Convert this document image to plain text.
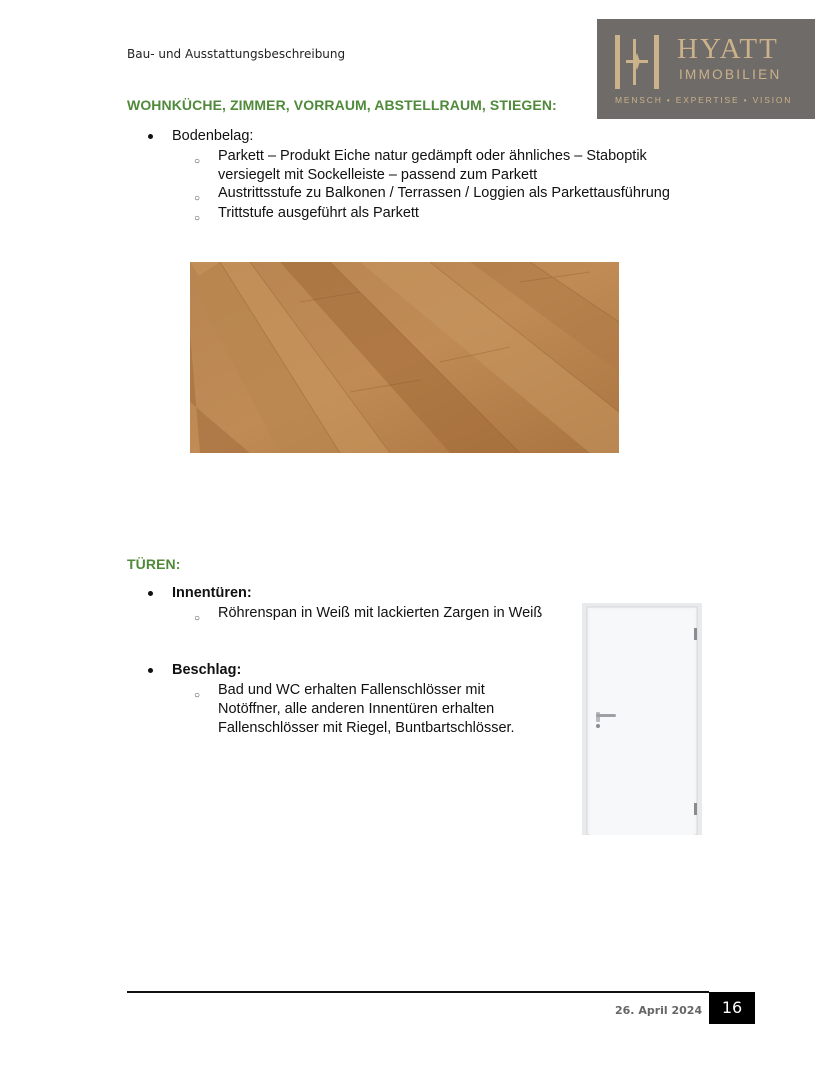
Bau- und Ausstattungsbeschreibung	HYATT
IMMOBILIEN
MENSCH • EXPERTISE • VISION
WOHNKÜCHE, ZIMMER, VORRAUM, ABSTELLRAUM, STIEGEN:
Bodenbelag:
○ Parkett – Produkt Eiche natur gedämpft oder ähnliches – Staboptik
versiegelt mit Sockelleiste – passend zum Parkett
○ Austrittsstufe zu Balkonen / Terrassen / Loggien als Parkettausführung
○ Trittstufe ausgeführt als Parkett
TÜREN:
Innentüren:
○ Röhrenspan in Weiß mit lackierten Zargen in Weiß
Beschlag:
○ Bad und WC erhalten Fallenschlösser mit
Notöffner, alle anderen Innentüren erhalten
Fallenschlösser mit Riegel, Buntbartschlösser.
26. April 2024	16
